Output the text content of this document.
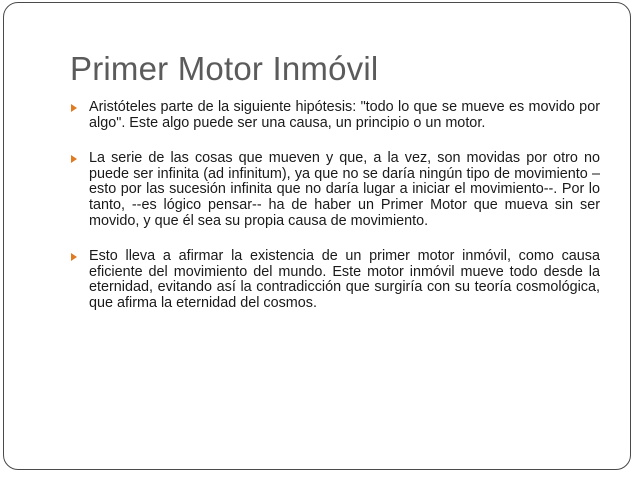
Primer Motor Inmóvil
Aristóteles parte de la siguiente hipótesis: "todo lo que se mueve es movido por algo". Este algo puede ser una causa, un principio o un motor.
La serie de las cosas que mueven y que, a la vez, son movidas por otro no puede ser infinita (ad infinitum), ya que no se daría ningún tipo de movimiento –esto por las sucesión infinita que no daría lugar a iniciar el movimiento--. Por lo tanto, --es lógico pensar-- ha de haber un Primer Motor que mueva sin ser movido, y que él sea su propia causa de movimiento.
Esto lleva a afirmar la existencia de un primer motor inmóvil, como causa eficiente del movimiento del mundo. Este motor inmóvil mueve todo desde la eternidad, evitando así la contradicción que surgiría con su teoría cosmológica, que afirma la eternidad del cosmos.
